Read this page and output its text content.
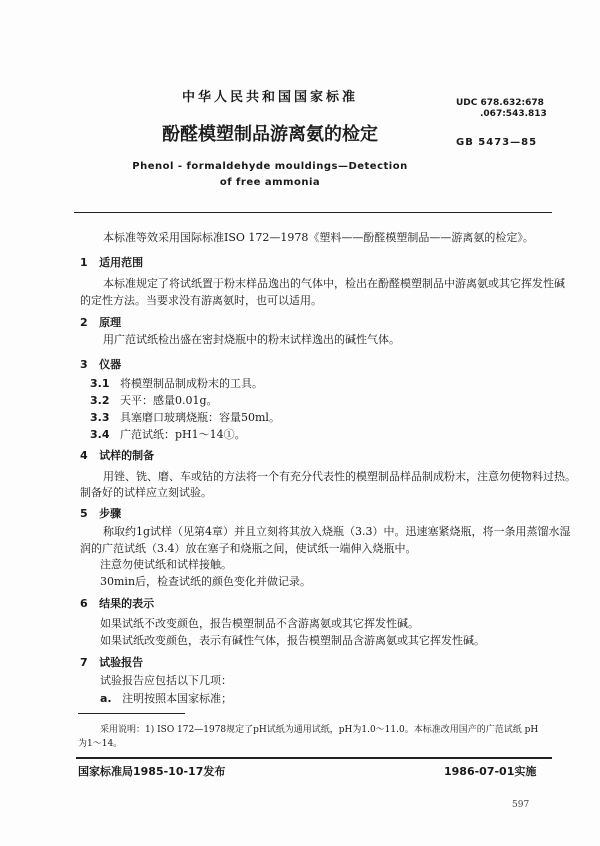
中华人民共和国国家标准	UDC 678.632:678
.067:543.813
酚醛模塑制品游离氨的检定	GB 5473—85
Phenol - formaldehyde mouldings—Detection
of free ammonia
本标准等效采用国际标准ISO 172—1978《塑料——酚醛模塑制品——游离氨的检定》。
1 适用范围
本标准规定了将试纸置于粉末样品逸出的气体中，检出在酚醛模塑制品中游离氨或其它挥发性碱
的定性方法。当要求没有游离氨时，也可以适用。
2 原理
用广范试纸检出盛在密封烧瓶中的粉末试样逸出的碱性气体。
3 仪器
3.1 将模塑制品制成粉末的工具。
3.2 天平：感量0.01g。
3.3 具塞磨口玻璃烧瓶：容量50ml。
3.4 广范试纸：pH1～14①。
4 试样的制备
用锉、铣、磨、车或钻的方法将一个有充分代表性的模塑制品样品制成粉末，注意勿使物料过热。
制备好的试样应立刻试验。
5 步骤
称取约1g试样（见第4章）并且立刻将其放入烧瓶（3.3）中。迅速塞紧烧瓶，将一条用蒸馏水湿
润的广范试纸（3.4）放在塞子和烧瓶之间，使试纸一端伸入烧瓶中。
注意勿使试纸和试样接触。
30min后，检查试纸的颜色变化并做记录。
6 结果的表示
如果试纸不改变颜色，报告模塑制品不含游离氨或其它挥发性碱。
如果试纸改变颜色，表示有碱性气体，报告模塑制品含游离氨或其它挥发性碱。
7 试验报告
试验报告应包括以下几项：
a. 注明按照本国家标准；
采用说明：1) ISO 172—1978规定了pH试纸为通用试纸，pH为1.0～11.0。本标准改用国产的广范试纸 pH
为1～14。
国家标准局1985-10-17发布	1986-07-01实施
597
